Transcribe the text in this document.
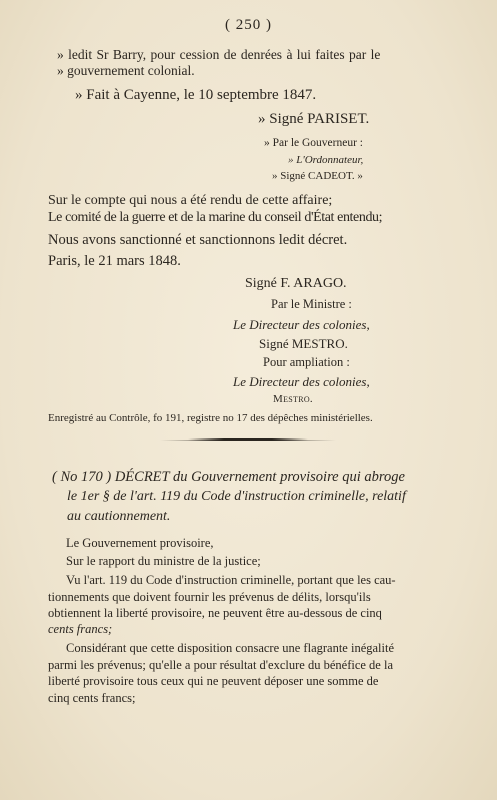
( 250 )
» ledit Sr Barry, pour cession de denrées à lui faites par le
» gouvernement colonial.
» Fait à Cayenne, le 10 septembre 1847.
» Signé PARISET.
» Par le Gouverneur :
» L'Ordonnateur,
» Signé CADEOT. »
Sur le compte qui nous a été rendu de cette affaire;
Le comité de la guerre et de la marine du conseil d'État entendu;
Nous avons sanctionné et sanctionnons ledit décret.
Paris, le 21 mars 1848.
Signé F. ARAGO.
Par le Ministre :
Le Directeur des colonies,
Signé MESTRO.
Pour ampliation :
Le Directeur des colonies,
Mestro.
Enregistré au Contrôle, fo 191, registre no 17 des dépêches ministérielles.
( No 170 ) DÉCRET du Gouvernement provisoire qui abroge
le 1er § de l'art. 119 du Code d'instruction criminelle, relatif
au cautionnement.
Le Gouvernement provisoire,
Sur le rapport du ministre de la justice;
Vu l'art. 119 du Code d'instruction criminelle, portant que les cau-
tionnements que doivent fournir les prévenus de délits, lorsqu'ils
obtiennent la liberté provisoire, ne peuvent être au-dessous de cinq
cents francs;
Considérant que cette disposition consacre une flagrante inégalité
parmi les prévenus; qu'elle a pour résultat d'exclure du bénéfice de la
liberté provisoire tous ceux qui ne peuvent déposer une somme de
cinq cents francs;
